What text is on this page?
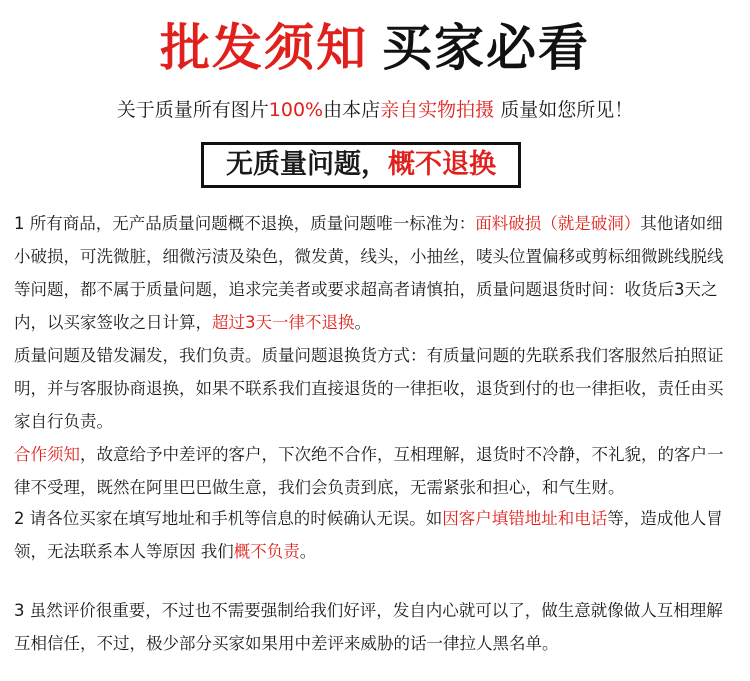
批发须知 买家必看
关于质量所有图片100%由本店亲自实物拍摄 质量如您所见！
无质量问题，概不退换

1 所有商品，无产品质量问题概不退换，质量问题唯一标准为：面料破损（就是破洞）其他诸如细小破损，可洗微脏，细微污渍及染色，微发黄，线头，小抽丝，唛头位置偏移或剪标细微跳线脱线等问题，都不属于质量问题，追求完美者或要求超高者请慎拍，质量问题退货时间：收货后3天之内，以买家签收之日计算，超过3天一律不退换。

质量问题及错发漏发，我们负责。质量问题退换货方式：有质量问题的先联系我们客服然后拍照证明，并与客服协商退换，如果不联系我们直接退货的一律拒收，退货到付的也一律拒收，责任由买家自行负责。

合作须知，故意给予中差评的客户，下次绝不合作，互相理解，退货时不冷静，不礼貌，的客户一律不受理，既然在阿里巴巴做生意，我们会负责到底，无需紧张和担心，和气生财。

2 请各位买家在填写地址和手机等信息的时候确认无误。如因客户填错地址和电话等，造成他人冒领，无法联系本人等原因 我们概不负责。

3 虽然评价很重要，不过也不需要强制给我们好评，发自内心就可以了，做生意就像做人互相理解互相信任，不过，极少部分买家如果用中差评来威胁的话一律拉人黑名单。
